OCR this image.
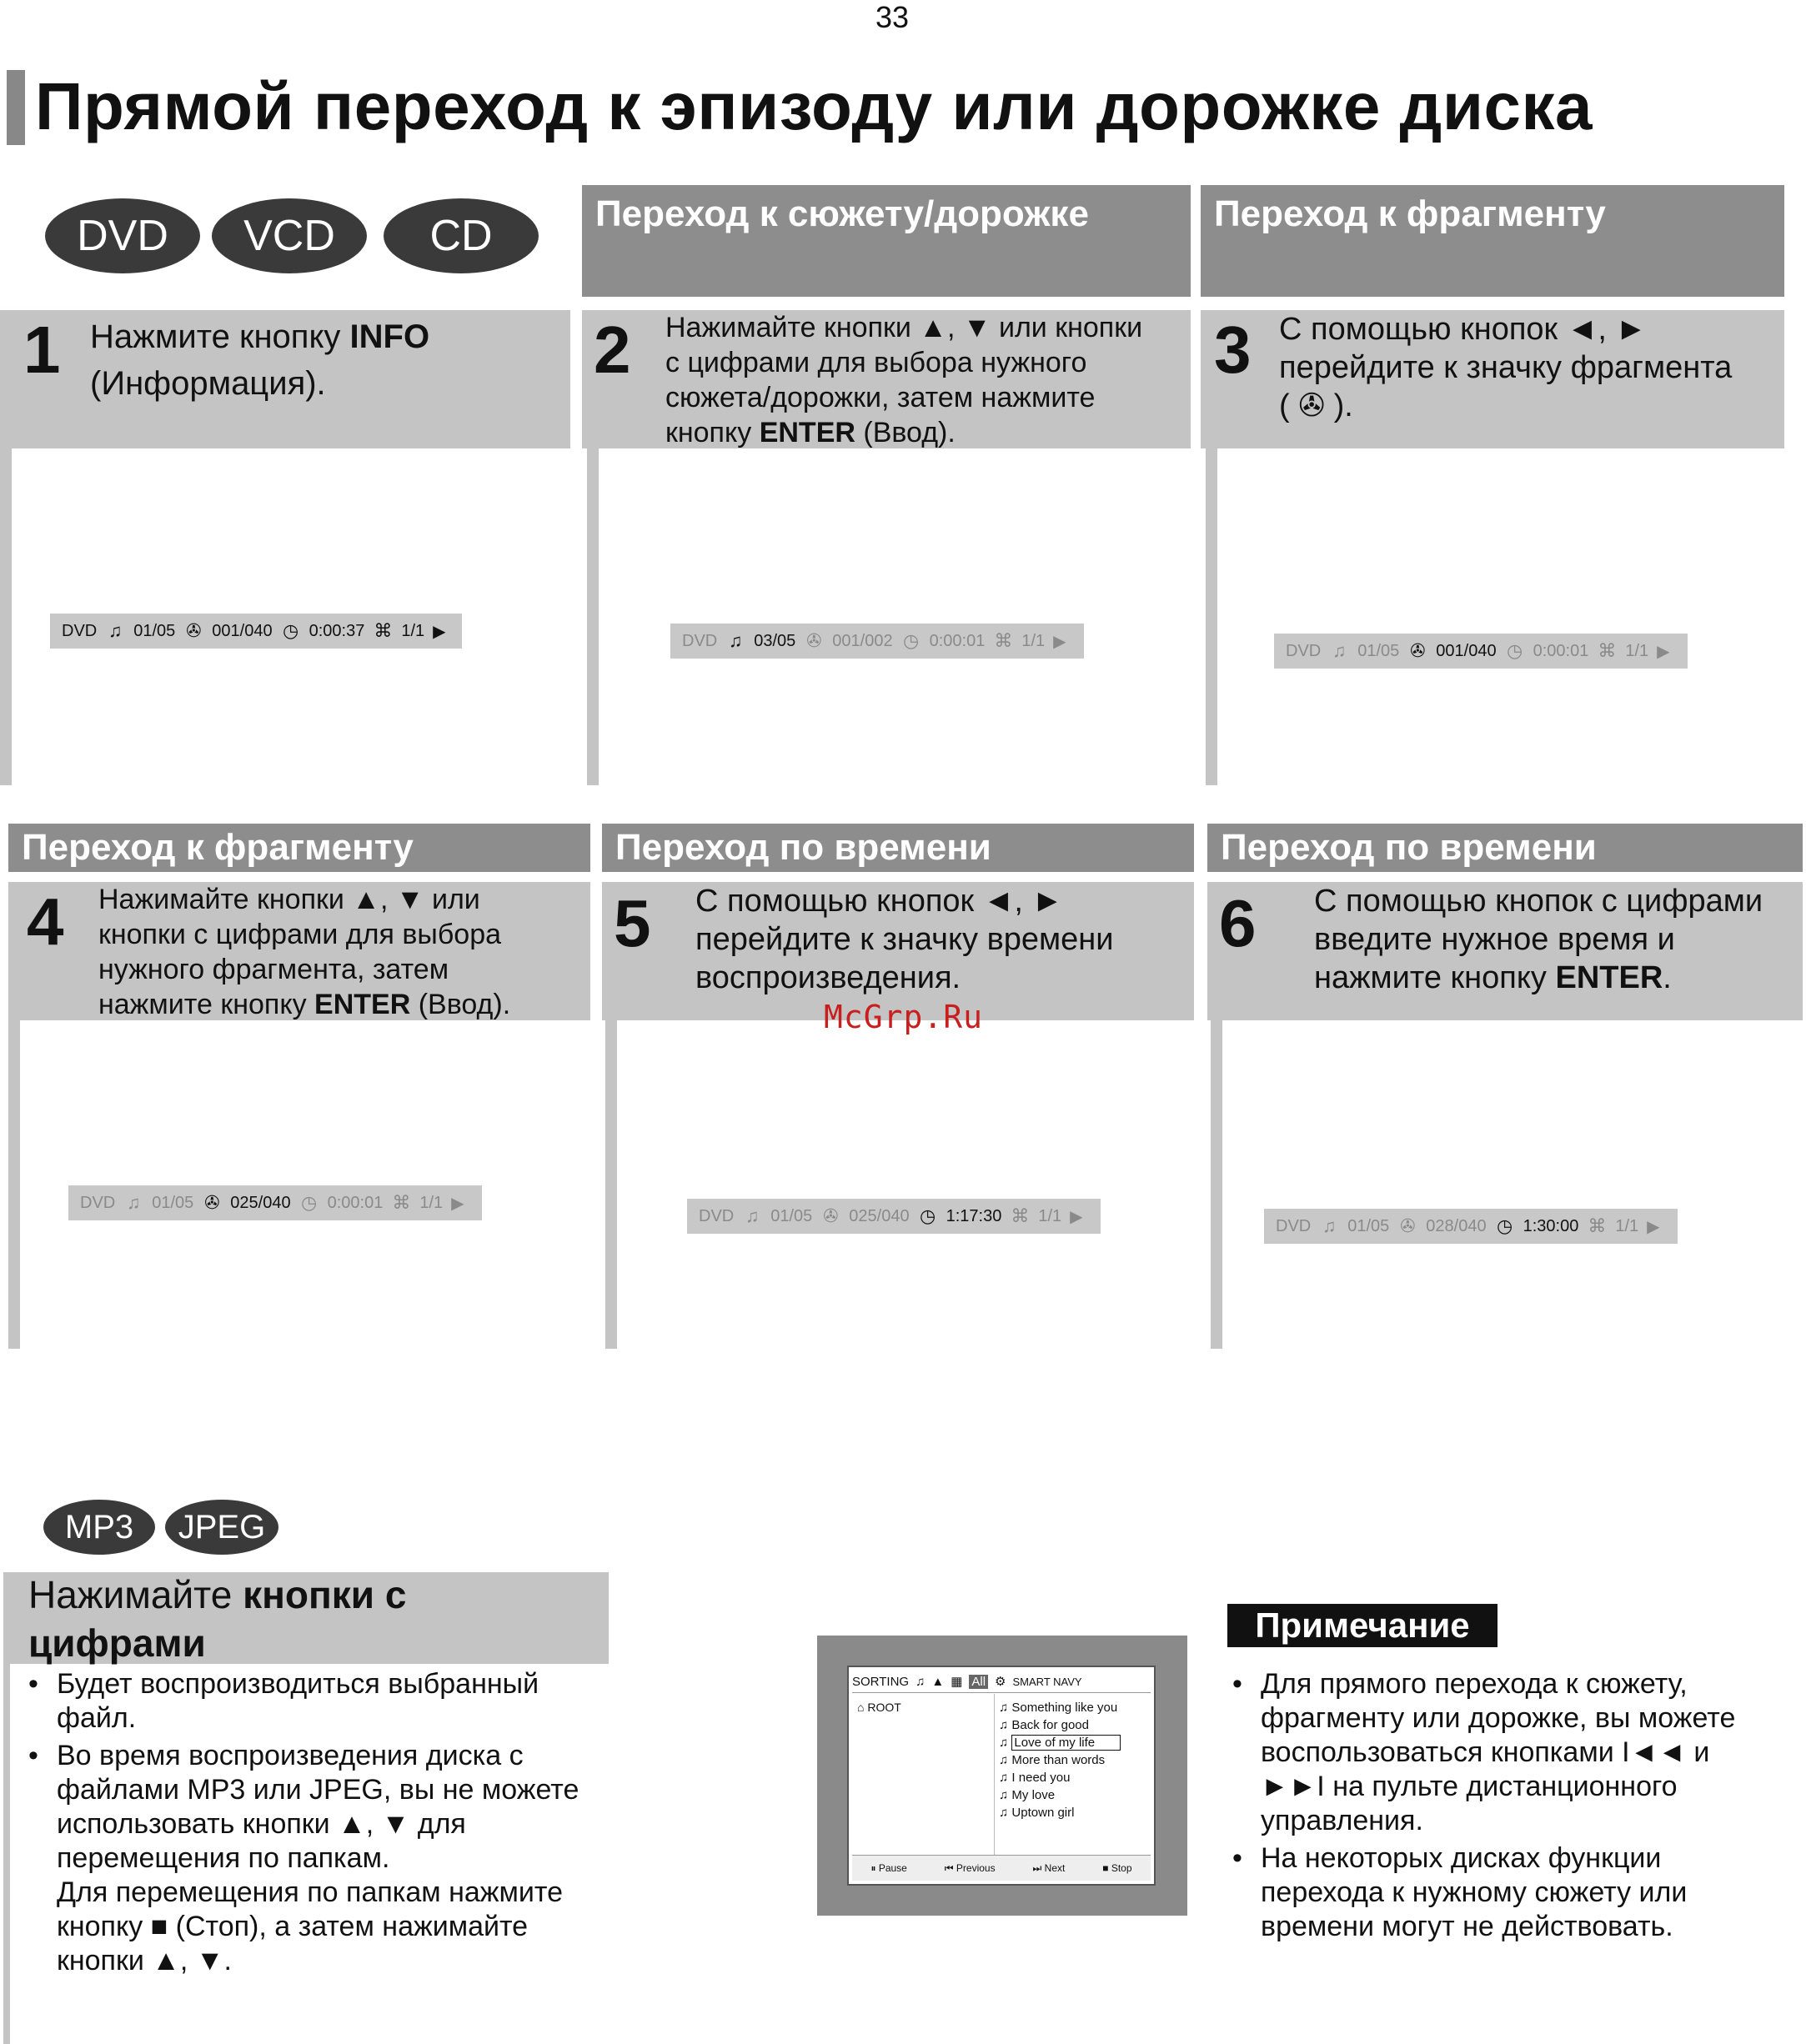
33
Прямой переход к эпизоду или дорожке диска
DVD	VCD	CD	Переход к сюжету/дорожке	Переход к фрагменту
1 Нажмите кнопку INFO
(Информация).
DVD ♫ 01/05 ✇ 001/040 ◷ 0:00:37 ⌘ 1/1 ▶
2 Нажимайте кнопки ▲, ▼ или кнопки
с цифрами для выбора нужного
сюжета/дорожки, затем нажмите
кнопку ENTER (Ввод).
DVD ♫ 03/05 ✇ 001/002 ◷ 0:00:01 ⌘ 1/1 ▶
3 С помощью кнопок ◄, ►
перейдите к значку фрагмента
( ✇ ).
DVD ♫ 01/05 ✇ 001/040 ◷ 0:00:01 ⌘ 1/1 ▶
Переход к фрагменту	Переход по времени	Переход по времени
4 Нажимайте кнопки ▲, ▼ или
кнопки с цифрами для выбора
нужного фрагмента, затем
нажмите кнопку ENTER (Ввод).
DVD ♫ 01/05 ✇ 025/040 ◷ 0:00:01 ⌘ 1/1 ▶
5 С помощью кнопок ◄, ►
перейдите к значку времени
воспроизведения.
DVD ♫ 01/05 ✇ 025/040 ◷ 1:17:30 ⌘ 1/1 ▶
6 С помощью кнопок с цифрами
введите нужное время и
нажмите кнопку ENTER.
DVD ♫ 01/05 ✇ 028/040 ◷ 1:30:00 ⌘ 1/1 ▶
McGrp.Ru
MP3	JPEG
Нажимайте кнопки с
цифрами
• Будет воспроизводиться выбранный
файл.
• Во время воспроизведения диска с
файлами MP3 или JPEG, вы не можете
использовать кнопки ▲, ▼ для
перемещения по папкам.
Для перемещения по папкам нажмите
кнопку ■ (Стоп), а затем нажимайте
кнопки ▲, ▼.
SORTING ♫ ▲ ▦ All ⚙ SMART NAVY
⌂ ROOT	♫ Something like you
♫ Back for good
♫ Love of my life
♫ More than words
♫ I need you
♫ My love
♫ Uptown girl
⏸ Pause	⏮ Previous	⏭ Next	■ Stop
Примечание
• Для прямого перехода к сюжету,
фрагменту или дорожке, вы можете
воспользоваться кнопками I◄◄ и
►►I на пульте дистанционного
управления.
• На некоторых дисках функции
перехода к нужному сюжету или
времени могут не действовать.
